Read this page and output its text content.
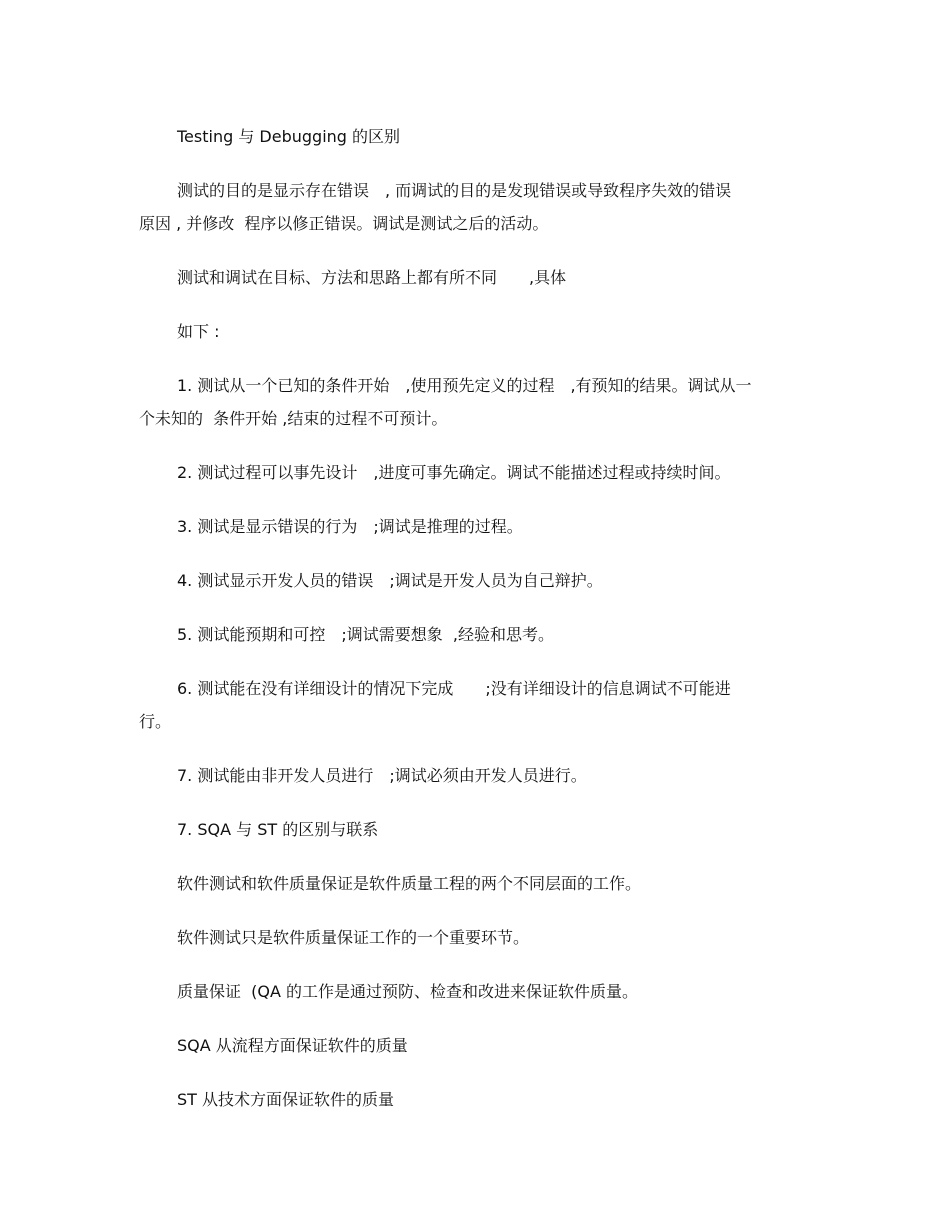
Testing 与 Debugging 的区别
测试的目的是显示存在错误　, 而调试的目的是发现错误或导致程序失效的错误
原因 , 并修改  程序以修正错误。调试是测试之后的活动。
测试和调试在目标、方法和思路上都有所不同　　,具体
如下 :
1. 测试从一个已知的条件开始　,使用预先定义的过程　,有预知的结果。调试从一
个未知的  条件开始 ,结束的过程不可预计。
2. 测试过程可以事先设计　,进度可事先确定。调试不能描述过程或持续时间。
3. 测试是显示错误的行为　;调试是推理的过程。
4. 测试显示开发人员的错误　;调试是开发人员为自己辩护。
5. 测试能预期和可控　;调试需要想象  ,经验和思考。
6. 测试能在没有详细设计的情况下完成　　;没有详细设计的信息调试不可能进
行。
7. 测试能由非开发人员进行　;调试必须由开发人员进行。
7. SQA 与 ST 的区别与联系
软件测试和软件质量保证是软件质量工程的两个不同层面的工作。
软件测试只是软件质量保证工作的一个重要环节。
质量保证  (QA 的工作是通过预防、检查和改进来保证软件质量。
SQA 从流程方面保证软件的质量
ST 从技术方面保证软件的质量
